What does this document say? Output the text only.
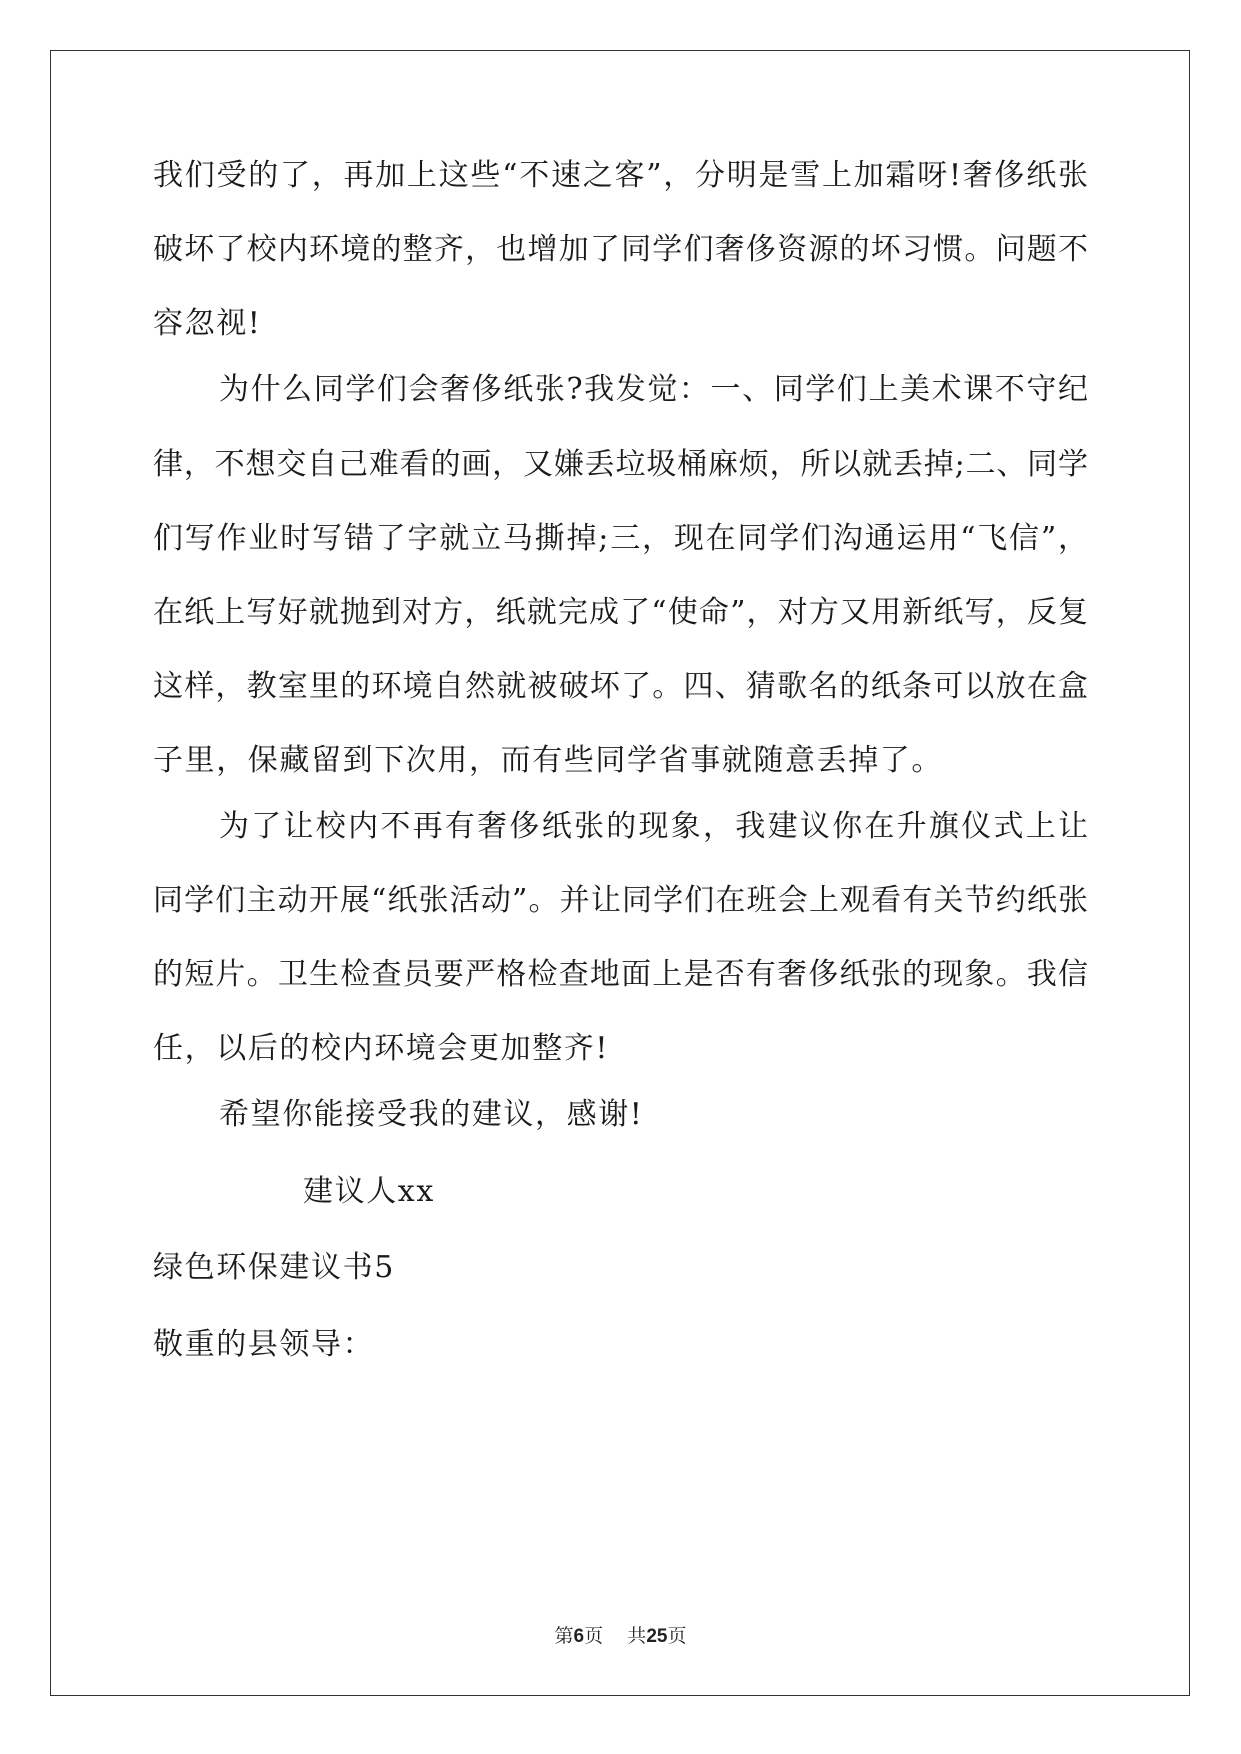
我们受的了，再加上这些“不速之客”，分明是雪上加霜呀!奢侈纸张
破坏了校内环境的整齐，也增加了同学们奢侈资源的坏习惯。问题不
容忽视!
为什么同学们会奢侈纸张?我发觉：一、同学们上美术课不守纪
律，不想交自己难看的画，又嫌丢垃圾桶麻烦，所以就丢掉;二、同学
们写作业时写错了字就立马撕掉;三，现在同学们沟通运用“飞信”，
在纸上写好就抛到对方，纸就完成了“使命”，对方又用新纸写，反复
这样，教室里的环境自然就被破坏了。四、猜歌名的纸条可以放在盒
子里，保藏留到下次用，而有些同学省事就随意丢掉了。
为了让校内不再有奢侈纸张的现象，我建议你在升旗仪式上让
同学们主动开展“纸张活动”。并让同学们在班会上观看有关节约纸张
的短片。卫生检查员要严格检查地面上是否有奢侈纸张的现象。我信
任，以后的校内环境会更加整齐!
希望你能接受我的建议，感谢!
建议人xx
绿色环保建议书5
敬重的县领导：
第6页 共25页
